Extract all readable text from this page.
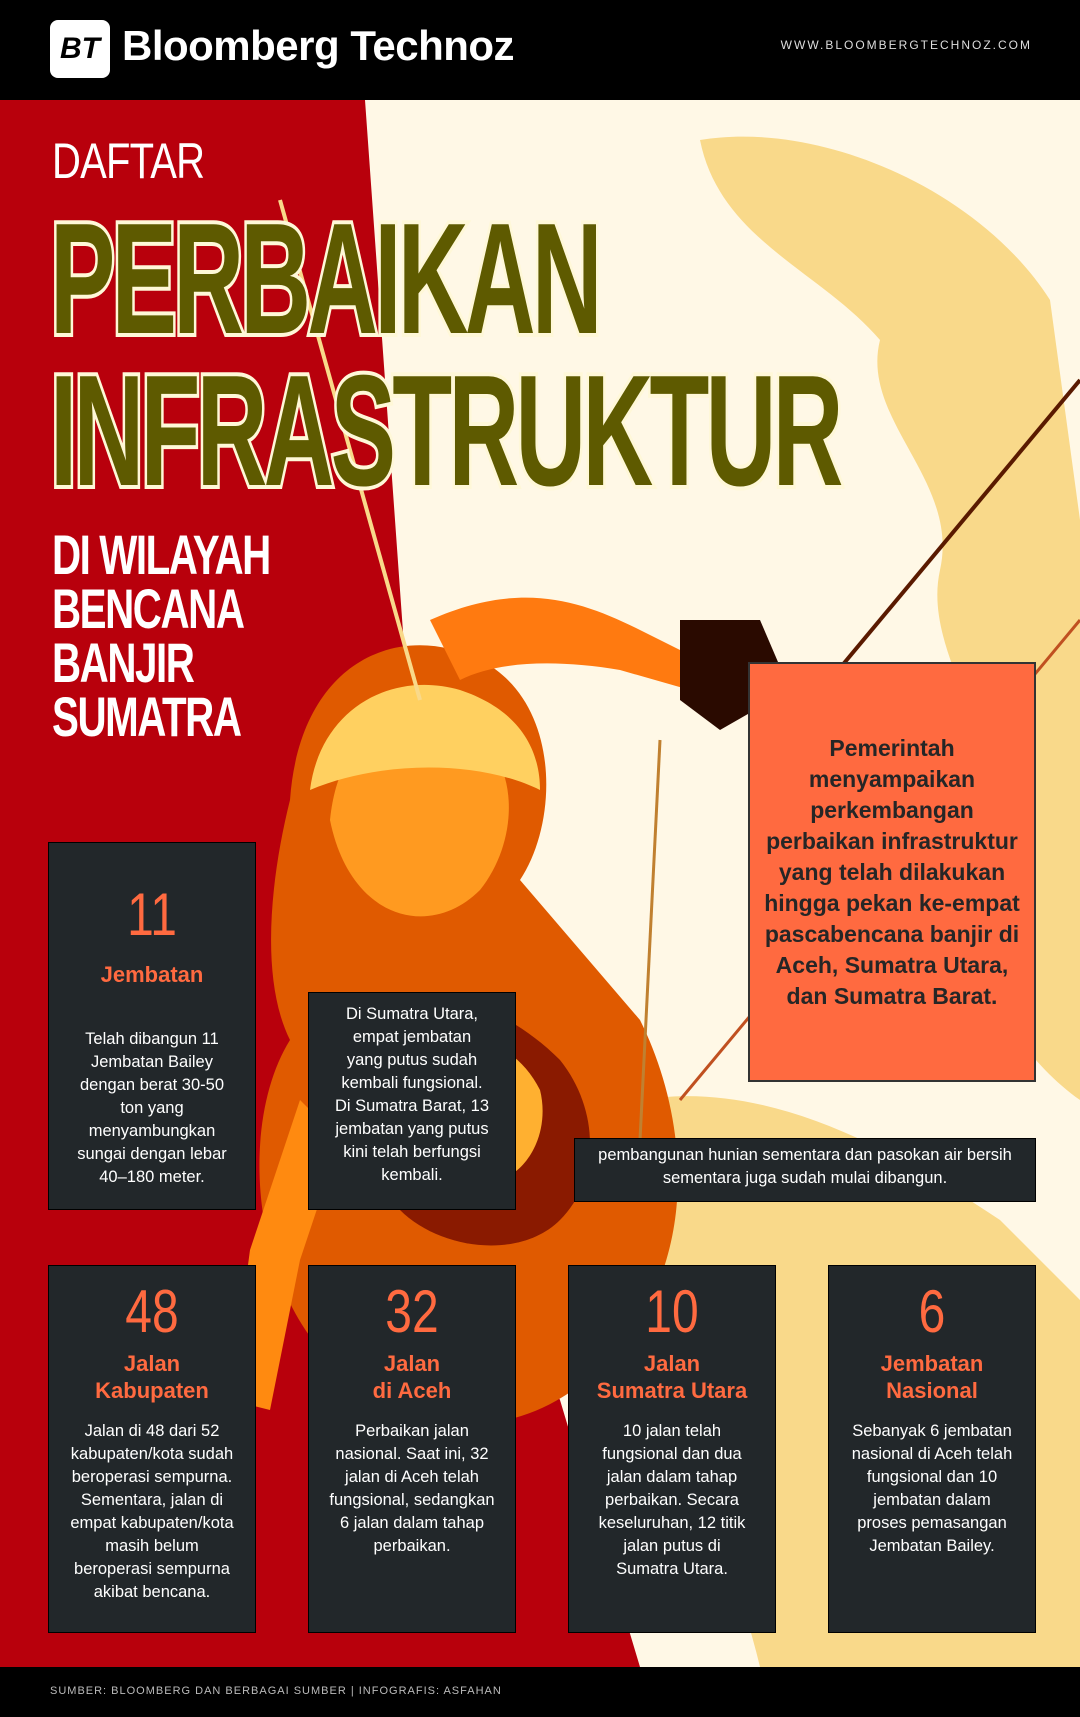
BT Bloomberg Technoz	WWW.BLOOMBERGTECHNOZ.COM
DAFTAR
PERBAIKAN
INFRASTRUKTUR
DI WILAYAH
BENCANA
BANJIR
SUMATRA	Pemerintah menyampaikan perkembangan perbaikan infrastruktur yang telah dilakukan hingga pekan ke-empat pascabencana banjir di Aceh, Sumatra Utara, dan Sumatra Barat.

11
Jembatan
Telah dibangun 11
Jembatan Bailey
dengan berat 30-50
ton yang
menyambungkan
sungai dengan lebar
40–180 meter.
Di Sumatra Utara,
empat jembatan
yang putus sudah
kembali fungsional.
Di Sumatra Barat, 13
jembatan yang putus
kini telah berfungsi
kembali.
pembangunan hunian sementara dan pasokan air bersih
sementara juga sudah mulai dibangun.
48
Jalan
Kabupaten
Jalan di 48 dari 52
kabupaten/kota sudah
beroperasi sempurna.
Sementara, jalan di
empat kabupaten/kota
masih belum
beroperasi sempurna
akibat bencana.
32
Jalan
di Aceh
Perbaikan jalan
nasional. Saat ini, 32
jalan di Aceh telah
fungsional, sedangkan
6 jalan dalam tahap
perbaikan.
10
Jalan
Sumatra Utara
10 jalan telah
fungsional dan dua
jalan dalam tahap
perbaikan. Secara
keseluruhan, 12 titik
jalan putus di
Sumatra Utara.
6
Jembatan
Nasional
Sebanyak 6 jembatan
nasional di Aceh telah
fungsional dan 10
jembatan dalam
proses pemasangan
Jembatan Bailey.
SUMBER: BLOOMBERG DAN BERBAGAI SUMBER | INFOGRAFIS: ASFAHAN
